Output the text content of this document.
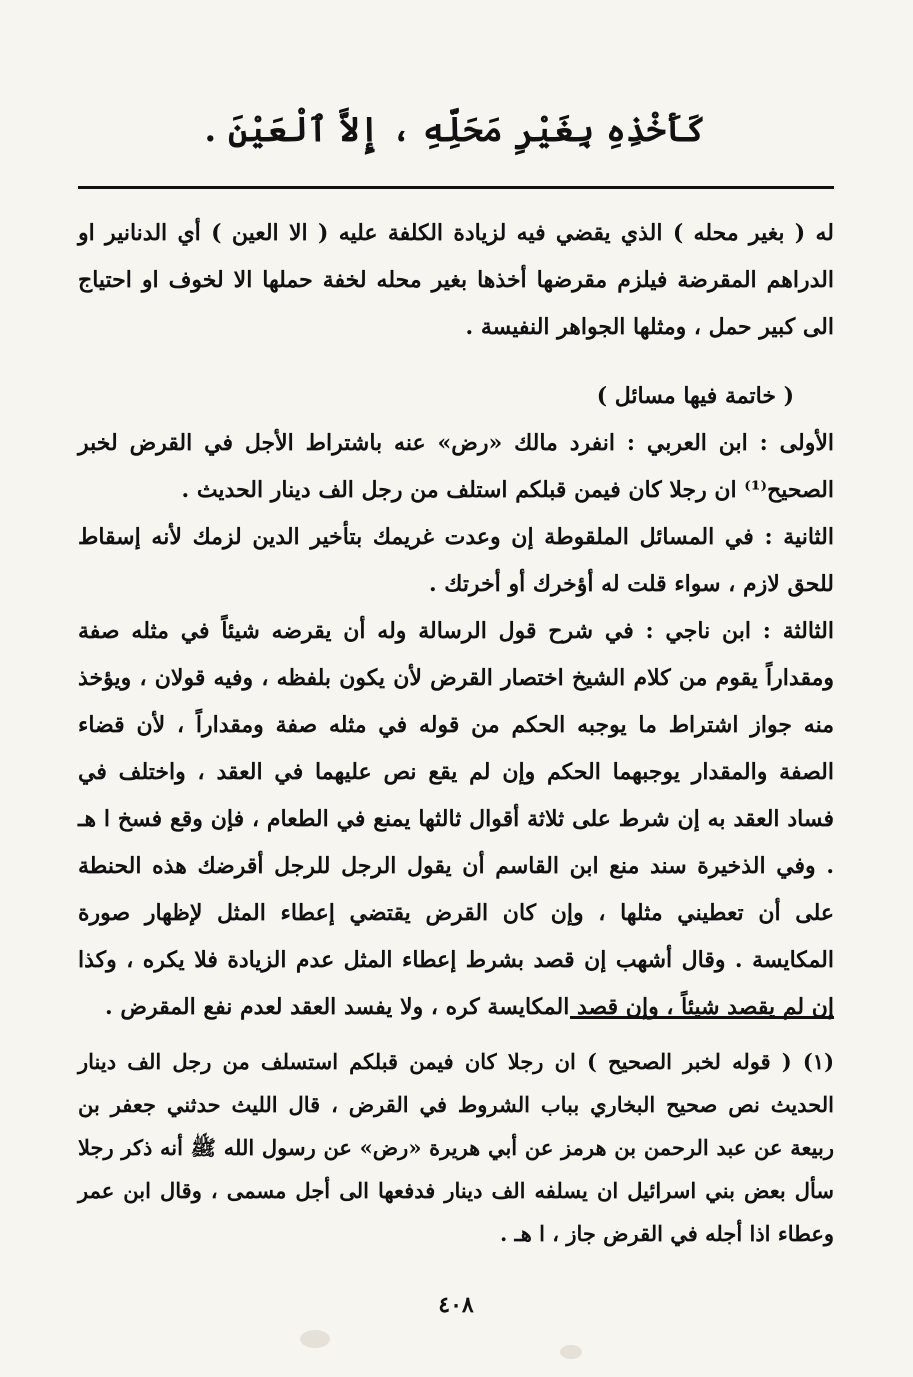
كَأَخْذِهِ بِغَيْرِ مَحَلِّهِ ، إِلاَّ ٱلْعَيْنَ .

له ( بغير محله ) الذي يقضي فيه لزيادة الكلفة عليه ( الا العين ) أي الدنانير او الدراهم المقرضة فيلزم مقرضها أخذها بغير محله لخفة حملها الا لخوف او احتياج الى كبير حمل ، ومثلها الجواهر النفيسة .

( خاتمة فيها مسائل )

الأولى : ابن العربي : انفرد مالك «رض» عنه باشتراط الأجل في القرض لخبر الصحيح⁽¹⁾ ان رجلا كان فيمن قبلكم استلف من رجل الف دينار الحديث .

الثانية : في المسائل الملقوطة إن وعدت غريمك بتأخير الدين لزمك لأنه إسقاط للحق لازم ، سواء قلت له أؤخرك أو أخرتك .

الثالثة : ابن ناجي : في شرح قول الرسالة وله أن يقرضه شيئاً في مثله صفة ومقداراً يقوم من كلام الشيخ اختصار القرض لأن يكون بلفظه ، وفيه قولان ، ويؤخذ منه جواز اشتراط ما يوجبه الحكم من قوله في مثله صفة ومقداراً ، لأن قضاء الصفة والمقدار يوجبهما الحكم وإن لم يقع نص عليهما في العقد ، واختلف في فساد العقد به إن شرط على ثلاثة أقوال ثالثها يمنع في الطعام ، فإن وقع فسخ ا هـ . وفي الذخيرة سند منع ابن القاسم أن يقول الرجل للرجل أقرضك هذه الحنطة على أن تعطيني مثلها ، وإن كان القرض يقتضي إعطاء المثل لإظهار صورة المكايسة . وقال أشهب إن قصد بشرط إعطاء المثل عدم الزيادة فلا يكره ، وكذا إن لم يقصد شيئاً ، وإن قصد المكايسة كره ، ولا يفسد العقد لعدم نفع المقرض .

(١) ( قوله لخبر الصحيح ) ان رجلا كان فيمن قبلكم استسلف من رجل الف دينار الحديث نص صحيح البخاري بباب الشروط في القرض ، قال الليث حدثني جعفر بن ربيعة عن عبد الرحمن بن هرمز عن أبي هريرة «رض» عن رسول الله ﷺ أنه ذكر رجلا سأل بعض بني اسرائيل ان يسلفه الف دينار فدفعها الى أجل مسمى ، وقال ابن عمر وعطاء اذا أجله في القرض جاز ، ا هـ .

٤٠٨
